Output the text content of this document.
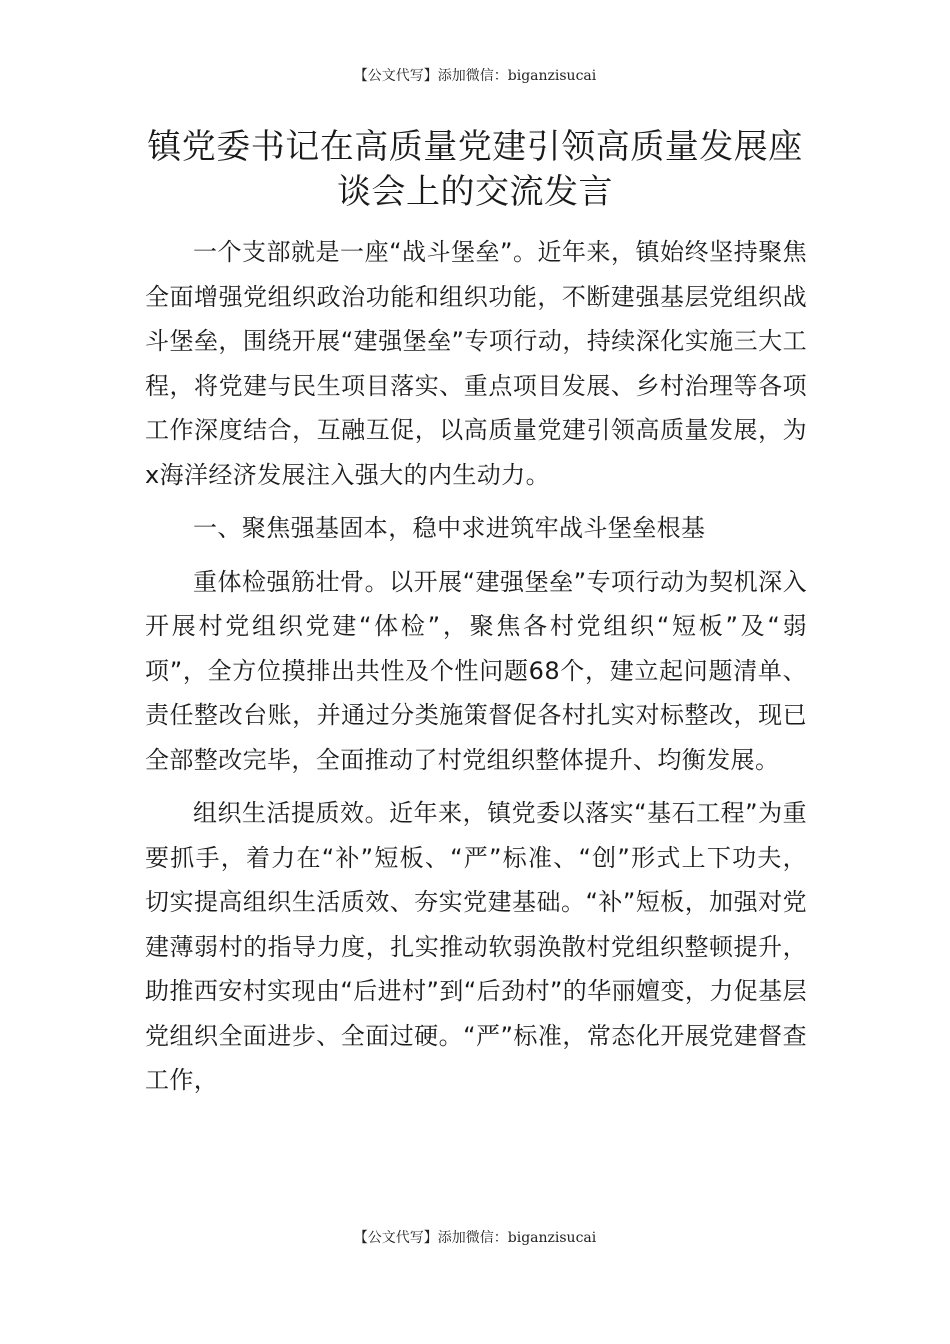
【公文代写】添加微信：biganzisucai
镇党委书记在高质量党建引领高质量发展座谈会上的交流发言

一个支部就是一座“战斗堡垒”。近年来，镇始终坚持聚焦全面增强党组织政治功能和组织功能，不断建强基层党组织战斗堡垒，围绕开展“建强堡垒”专项行动，持续深化实施三大工程，将党建与民生项目落实、重点项目发展、乡村治理等各项工作深度结合，互融互促，以高质量党建引领高质量发展，为x海洋经济发展注入强大的内生动力。

一、聚焦强基固本，稳中求进筑牢战斗堡垒根基

重体检强筋壮骨。以开展“建强堡垒”专项行动为契机深入开展村党组织党建“体检”，聚焦各村党组织“短板”及“弱项”，全方位摸排出共性及个性问题68个，建立起问题清单、责任整改台账，并通过分类施策督促各村扎实对标整改，现已全部整改完毕，全面推动了村党组织整体提升、均衡发展。

组织生活提质效。近年来，镇党委以落实“基石工程”为重要抓手，着力在“补”短板、“严”标准、“创”形式上下功夫，切实提高组织生活质效、夯实党建基础。“补”短板，加强对党建薄弱村的指导力度，扎实推动软弱涣散村党组织整顿提升，助推西安村实现由“后进村”到“后劲村”的华丽嬗变，力促基层党组织全面进步、全面过硬。“严”标准，常态化开展党建督查工作，

【公文代写】添加微信：biganzisucai
